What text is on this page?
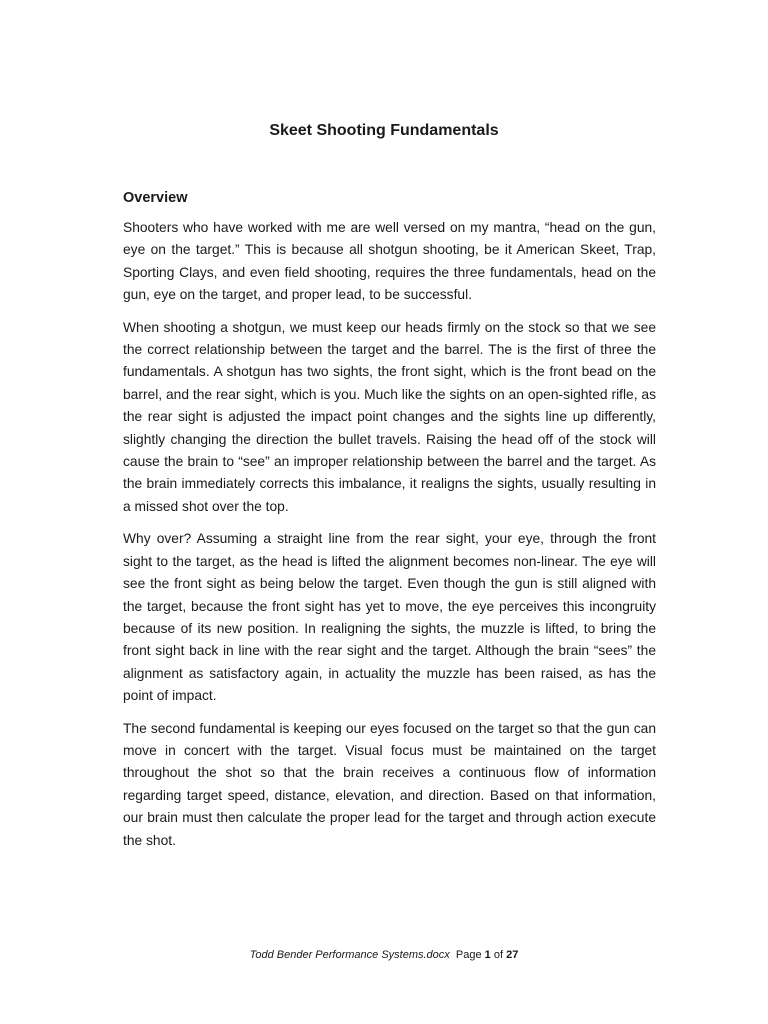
Skeet Shooting Fundamentals
Overview

Shooters who have worked with me are well versed on my mantra, “head on the gun, eye on the target.” This is because all shotgun shooting, be it American Skeet, Trap, Sporting Clays, and even field shooting, requires the three fundamentals, head on the gun, eye on the target, and proper lead, to be successful.

When shooting a shotgun, we must keep our heads firmly on the stock so that we see the correct relationship between the target and the barrel. The is the first of three the fundamentals. A shotgun has two sights, the front sight, which is the front bead on the barrel, and the rear sight, which is you. Much like the sights on an open-sighted rifle, as the rear sight is adjusted the impact point changes and the sights line up differently, slightly changing the direction the bullet travels. Raising the head off of the stock will cause the brain to “see” an improper relationship between the barrel and the target. As the brain immediately corrects this imbalance, it realigns the sights, usually resulting in a missed shot over the top.

Why over? Assuming a straight line from the rear sight, your eye, through the front sight to the target, as the head is lifted the alignment becomes non-linear. The eye will see the front sight as being below the target. Even though the gun is still aligned with the target, because the front sight has yet to move, the eye perceives this incongruity because of its new position. In realigning the sights, the muzzle is lifted, to bring the front sight back in line with the rear sight and the target. Although the brain “sees” the alignment as satisfactory again, in actuality the muzzle has been raised, as has the point of impact.

The second fundamental is keeping our eyes focused on the target so that the gun can move in concert with the target. Visual focus must be maintained on the target throughout the shot so that the brain receives a continuous flow of information regarding target speed, distance, elevation, and direction. Based on that information, our brain must then calculate the proper lead for the target and through action execute the shot.

Todd Bender Performance Systems.docx Page 1 of 27
